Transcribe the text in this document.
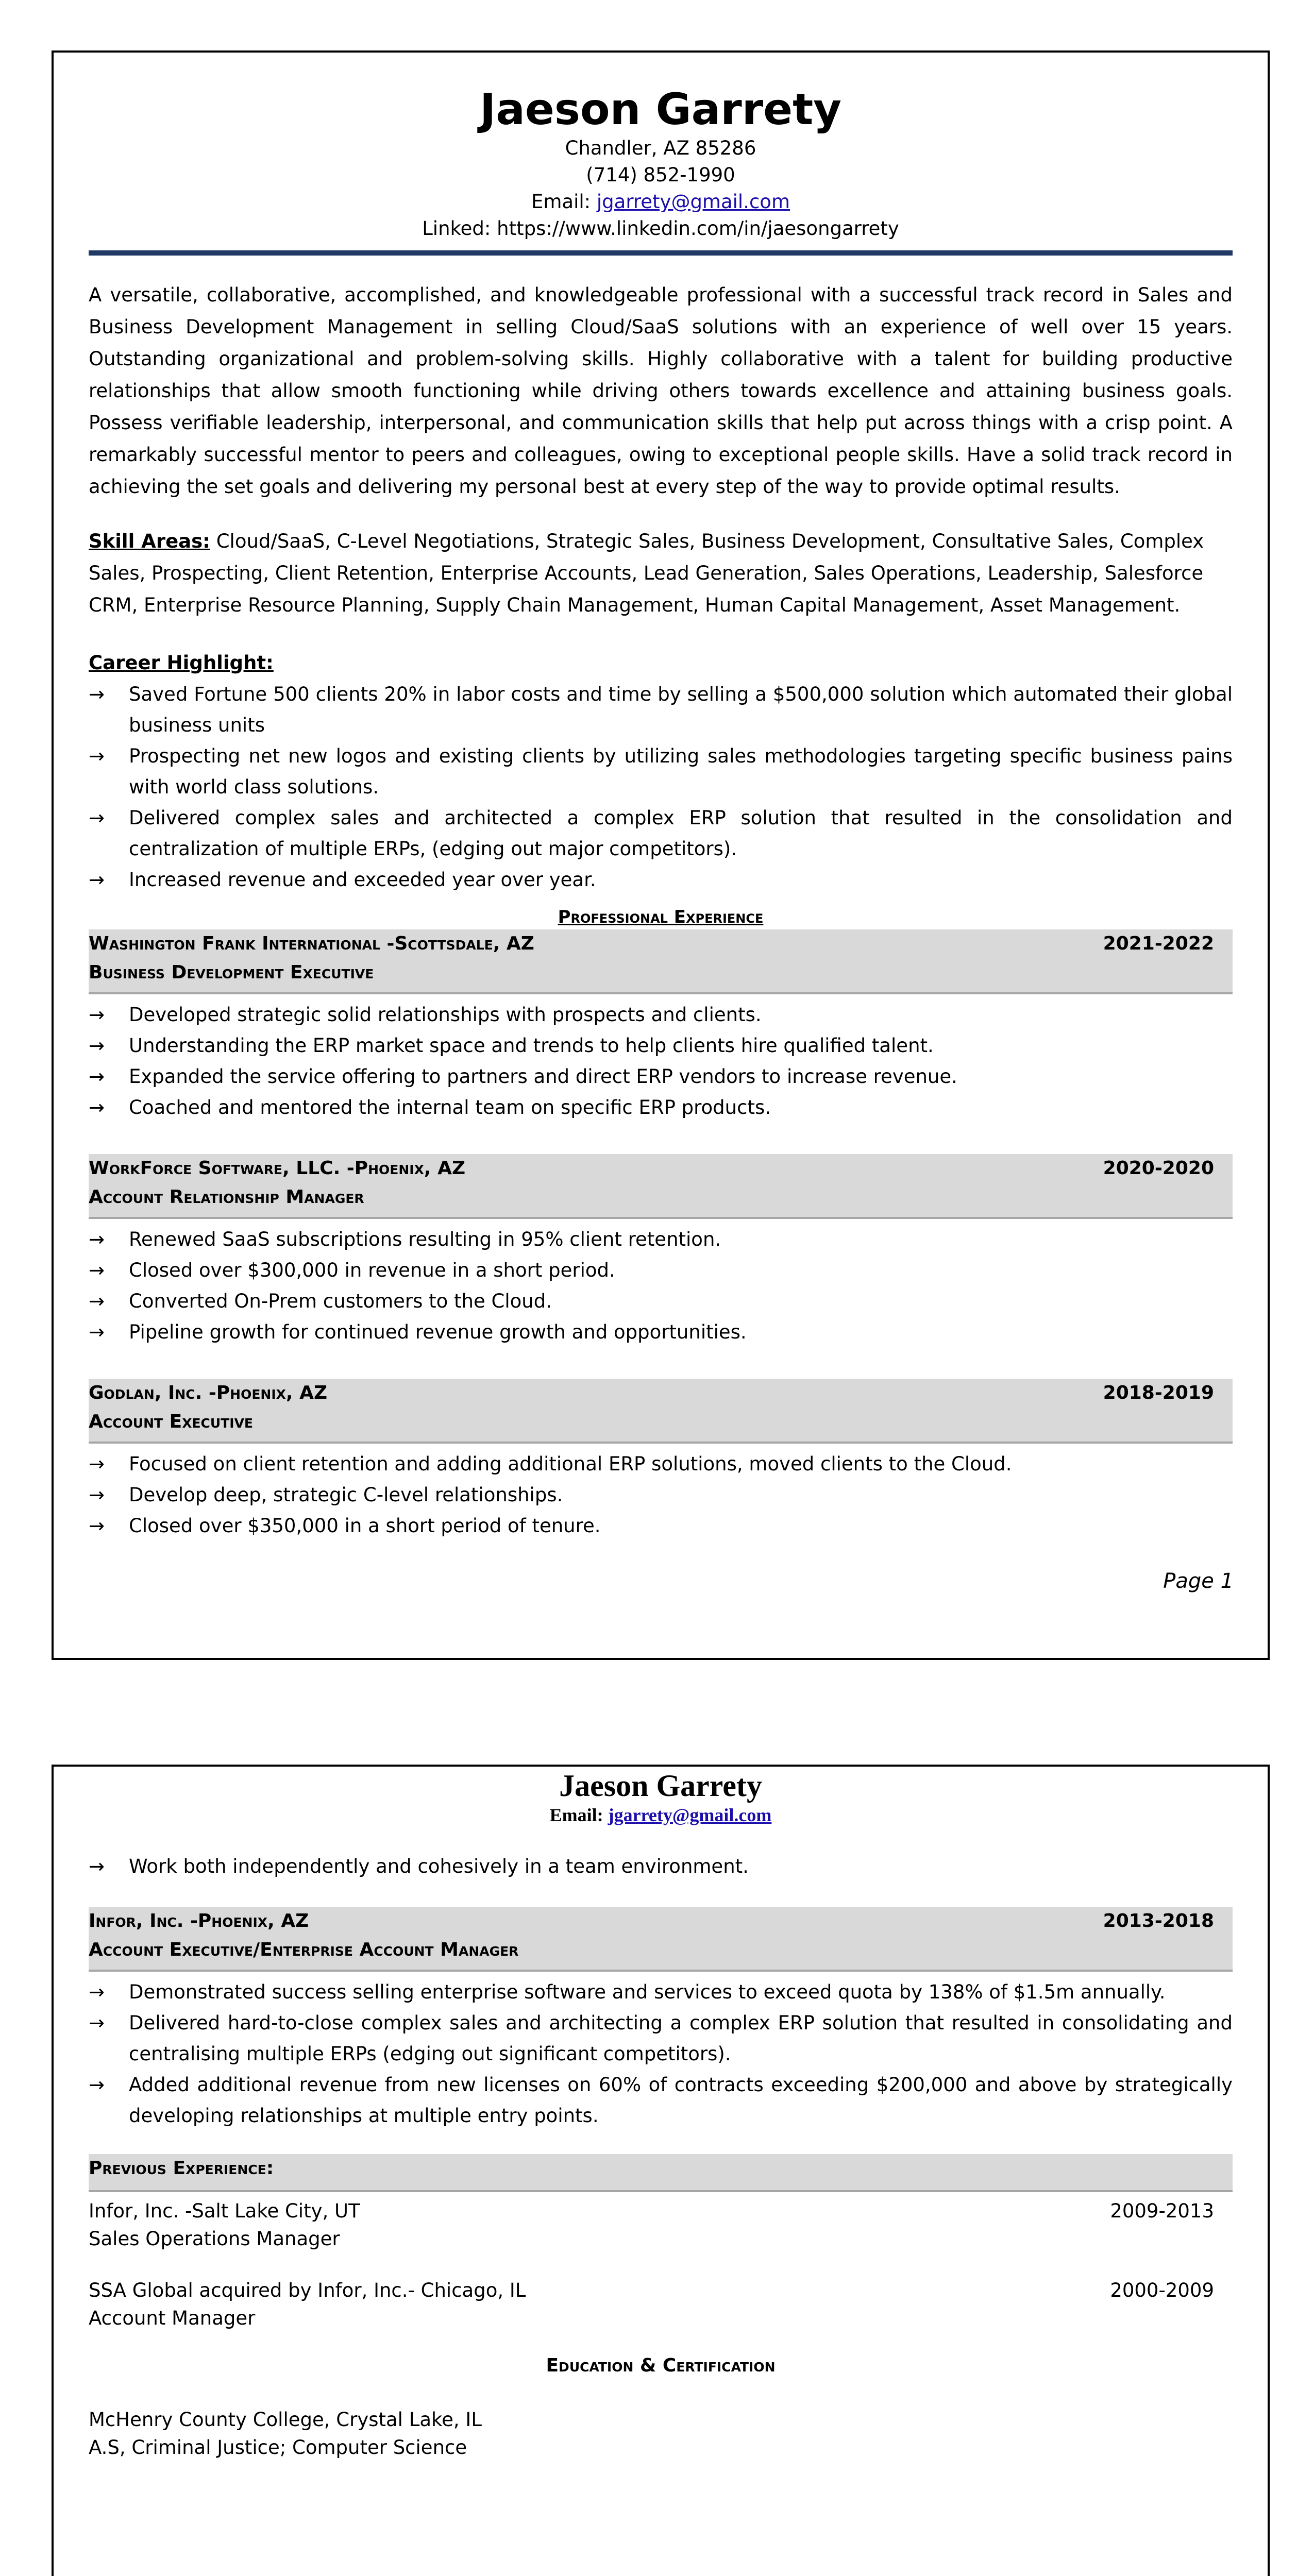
Jaeson Garrety
Chandler, AZ 85286
(714) 852-1990
Email: jgarrety@gmail.com
Linked: https://www.linkedin.com/in/jaesongarrety
A versatile, collaborative, accomplished, and knowledgeable professional with a successful track record in Sales and Business Development Management in selling Cloud/SaaS solutions with an experience of well over 15 years. Outstanding organizational and problem-solving skills. Highly collaborative with a talent for building productive relationships that allow smooth functioning while driving others towards excellence and attaining business goals. Possess verifiable leadership, interpersonal, and communication skills that help put across things with a crisp point. A remarkably successful mentor to peers and colleagues, owing to exceptional people skills. Have a solid track record in achieving the set goals and delivering my personal best at every step of the way to provide optimal results.
Skill Areas: Cloud/SaaS, C-Level Negotiations, Strategic Sales, Business Development, Consultative Sales, Complex Sales, Prospecting, Client Retention, Enterprise Accounts, Lead Generation, Sales Operations, Leadership, Salesforce CRM, Enterprise Resource Planning, Supply Chain Management, Human Capital Management, Asset Management.
Career Highlight:
→	Saved Fortune 500 clients 20% in labor costs and time by selling a $500,000 solution which automated their global business units
→	Prospecting net new logos and existing clients by utilizing sales methodologies targeting specific business pains with world class solutions.
→	Delivered complex sales and architected a complex ERP solution that resulted in the consolidation and centralization of multiple ERPs, (edging out major competitors).
→	Increased revenue and exceeded year over year.
Professional Experience
Washington Frank International -Scottsdale, AZ
Business Development Executive
2021-2022
→	Developed strategic solid relationships with prospects and clients.
→	Understanding the ERP market space and trends to help clients hire qualified talent.
→	Expanded the service offering to partners and direct ERP vendors to increase revenue.
→	Coached and mentored the internal team on specific ERP products.
WorkForce Software, LLC. -Phoenix, AZ
Account Relationship Manager
2020-2020
→	Renewed SaaS subscriptions resulting in 95% client retention.
→	Closed over $300,000 in revenue in a short period.
→	Converted On-Prem customers to the Cloud.
→	Pipeline growth for continued revenue growth and opportunities.
Godlan, Inc. -Phoenix, AZ
Account Executive
2018-2019
→	Focused on client retention and adding additional ERP solutions, moved clients to the Cloud.
→	Develop deep, strategic C-level relationships.
→	Closed over $350,000 in a short period of tenure.
Page 1
Jaeson Garrety
Email: jgarrety@gmail.com
→	Work both independently and cohesively in a team environment.
Infor, Inc. -Phoenix, AZ
Account Executive/Enterprise Account Manager
2013-2018
→	Demonstrated success selling enterprise software and services to exceed quota by 138% of $1.5m annually.
→	Delivered hard-to-close complex sales and architecting a complex ERP solution that resulted in consolidating and centralising multiple ERPs (edging out significant competitors).
→	Added additional revenue from new licenses on 60% of contracts exceeding $200,000 and above by strategically developing relationships at multiple entry points.
Previous Experience:
Infor, Inc. -Salt Lake City, UT
Sales Operations Manager
2009-2013
SSA Global acquired by Infor, Inc.- Chicago, IL
Account Manager
2000-2009
Education & Certification
McHenry County College, Crystal Lake, IL
A.S, Criminal Justice; Computer Science
